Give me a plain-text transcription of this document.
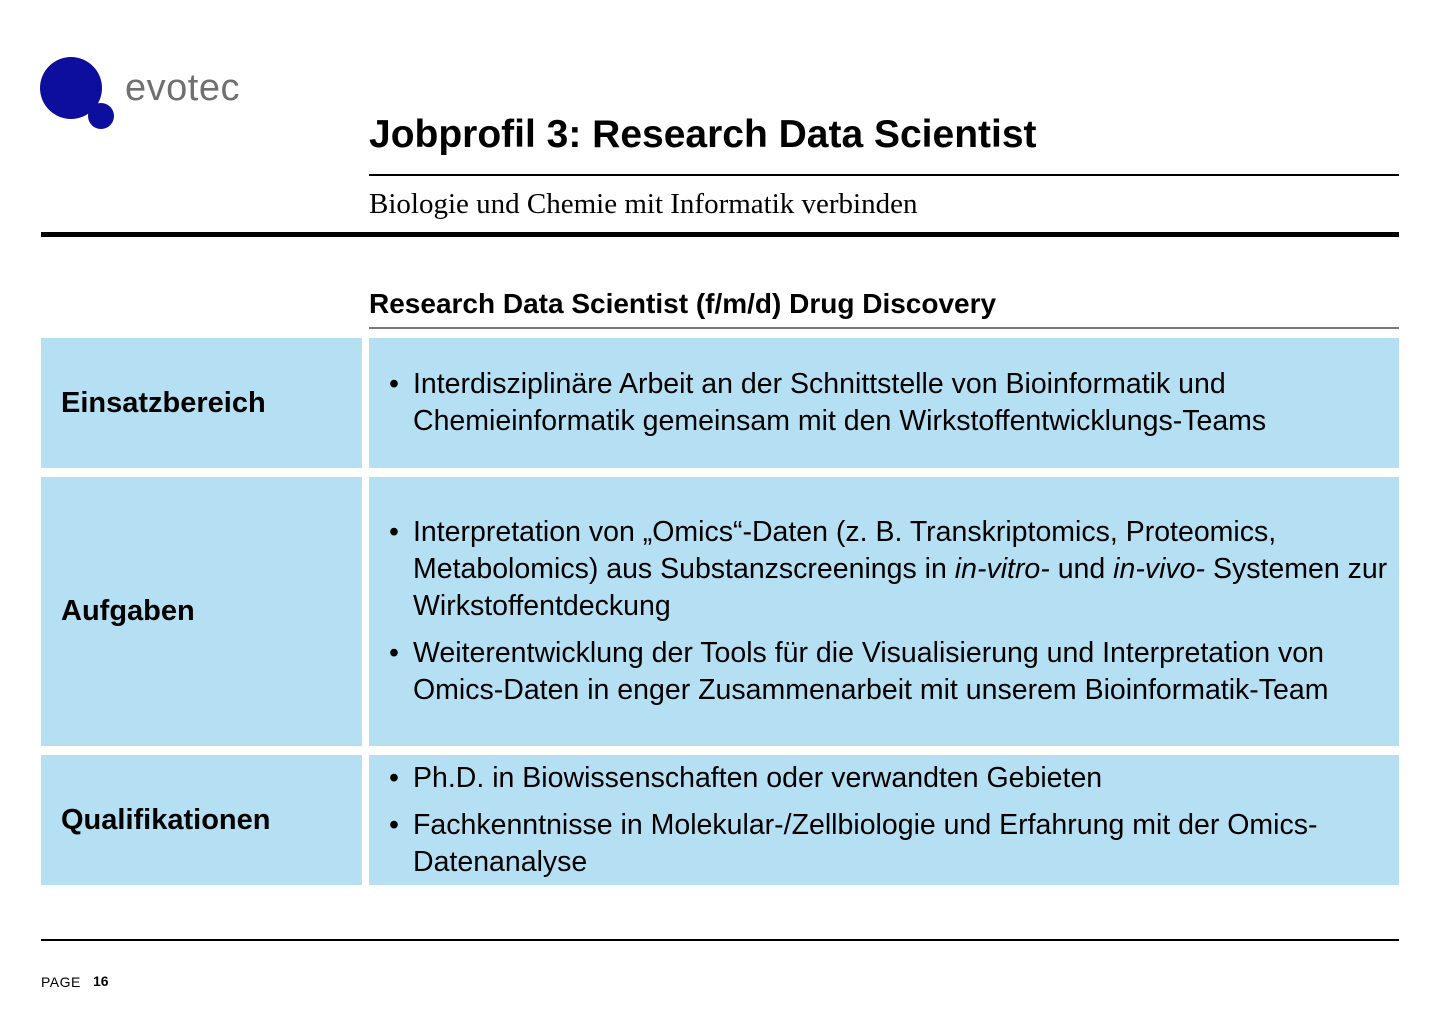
evotec
Jobprofil 3: Research Data Scientist
Biologie und Chemie mit Informatik verbinden
Research Data Scientist (f/m/d) Drug Discovery
Einsatzbereich
• Interdisziplinäre Arbeit an der Schnittstelle von Bioinformatik und Chemieinformatik gemeinsam mit den Wirkstoffentwicklungs-Teams
Aufgaben
• Interpretation von „Omics“-Daten (z. B. Transkriptomics, Proteomics, Metabolomics) aus Substanzscreenings in in-vitro- und in-vivo- Systemen zur Wirkstoffentdeckung
• Weiterentwicklung der Tools für die Visualisierung und Interpretation von Omics-Daten in enger Zusammenarbeit mit unserem Bioinformatik-Team
Qualifikationen
• Ph.D. in Biowissenschaften oder verwandten Gebieten
• Fachkenntnisse in Molekular-/Zellbiologie und Erfahrung mit der Omics-Datenanalyse
PAGE 16
